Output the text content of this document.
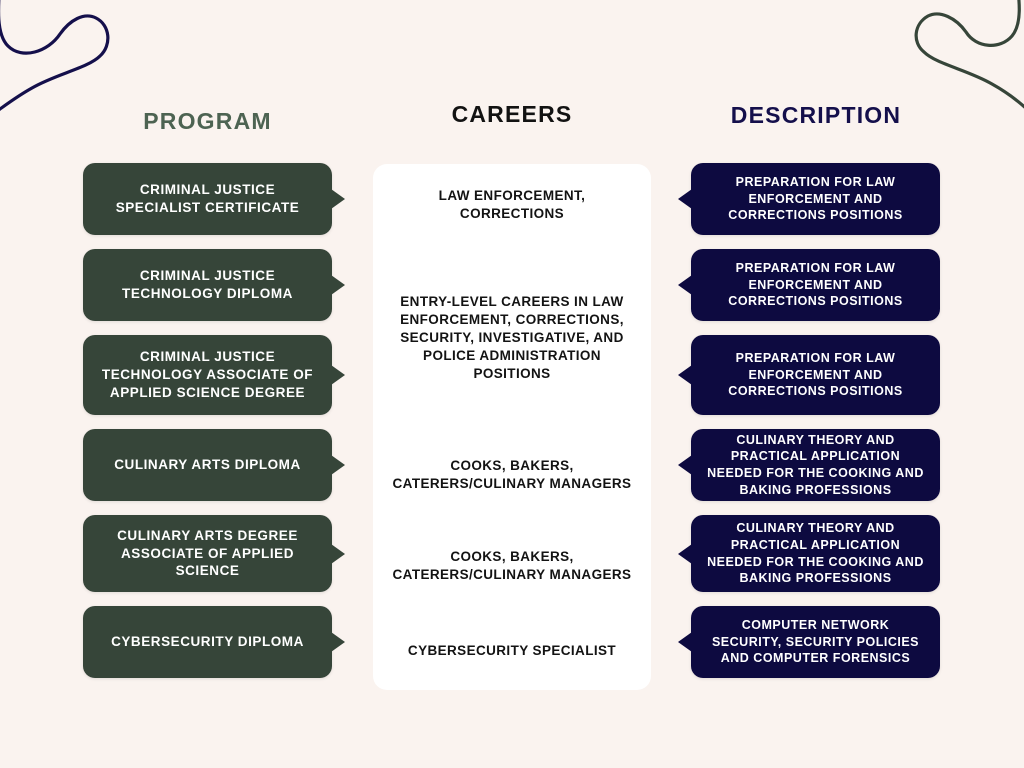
PROGRAM	CAREERS	DESCRIPTION
CRIMINAL JUSTICE SPECIALIST CERTIFICATE
CRIMINAL JUSTICE TECHNOLOGY DIPLOMA
CRIMINAL JUSTICE TECHNOLOGY ASSOCIATE OF APPLIED SCIENCE DEGREE
CULINARY ARTS DIPLOMA
CULINARY ARTS DEGREE ASSOCIATE OF APPLIED SCIENCE
CYBERSECURITY DIPLOMA
LAW ENFORCEMENT, CORRECTIONS
ENTRY-LEVEL CAREERS IN LAW ENFORCEMENT, CORRECTIONS, SECURITY, INVESTIGATIVE, AND POLICE ADMINISTRATION POSITIONS
COOKS, BAKERS, CATERERS/CULINARY MANAGERS
COOKS, BAKERS, CATERERS/CULINARY MANAGERS
CYBERSECURITY SPECIALIST
PREPARATION FOR LAW ENFORCEMENT AND CORRECTIONS POSITIONS
PREPARATION FOR LAW ENFORCEMENT AND CORRECTIONS POSITIONS
PREPARATION FOR LAW ENFORCEMENT AND CORRECTIONS POSITIONS
CULINARY THEORY AND PRACTICAL APPLICATION NEEDED FOR THE COOKING AND BAKING PROFESSIONS
CULINARY THEORY AND PRACTICAL APPLICATION NEEDED FOR THE COOKING AND BAKING PROFESSIONS
COMPUTER NETWORK SECURITY, SECURITY POLICIES AND COMPUTER FORENSICS
